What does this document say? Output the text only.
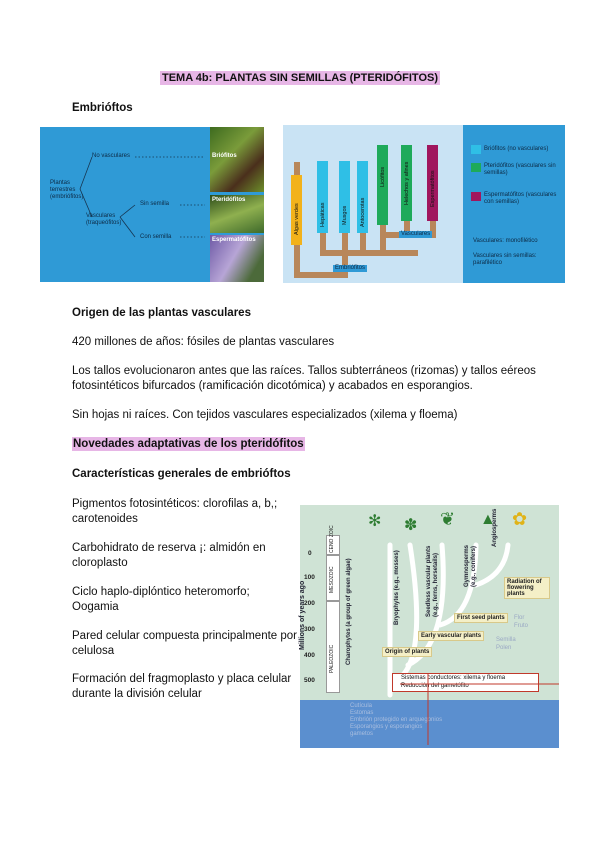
TEMA 4b: PLANTAS SIN SEMILLAS (PTERIDÓFITOS)
Embrióftos
Plantas terrestres (embriófitos)
No vasculares
Vasculares (traqueófitos)
Sin semilla
Con semilla
Briófitos
Pteridófitos
Espermatófitos
Algas verdes	Hepáticas	Musgos Antocerotas
Licófitos	Helechos y afines	Espermatófitos
Vasculares
Embriófitos
Briófitos (no vasculares)
Pteridófitos (vasculares sin semillas)
Espermatófitos (vasculares con semillas)
Vasculares: monofilético
Vasculares sin semillas: parafilético
Origen de las plantas vasculares
420 millones de años: fósiles de plantas vasculares
Los tallos evolucionaron antes que las raíces. Tallos subterráneos (rizomas) y tallos eéreos fotosintéticos bifurcados (ramificación dicotómica) y acabados en esporangios.
Sin hojas ni raíces. Con tejidos vasculares especializados (xilema y floema)
Novedades adaptativas de los pteridófitos
Características generales de embrióftos
Pigmentos fotosintéticos: clorofilas a, b,; carotenoides
Carbohidrato de reserva ¡: almidón en cloroplasto
Ciclo haplo-diplóntico heteromorfo; Oogamia
Pared celular compuesta principalmente por celulosa
Formación del fragmoplasto y placa celular durante la división celular
0
100
200
300
400
500
Millions of years ago
CENO ZOIC
MESOZOIC
PALEOZOIC Charophytes (a group of green algae)	Bryophytes (e.g., mosses)	Seedless vascular plants (e.g., ferns, horsetails)	Gymnosperms (e.g., conifers)
Angiosperms
✻ ✽ ❦ ▲ ✿
Radiation of flowering plants
First seed plants
Early vascular plants
Origin of plants
Flor
Fruto
Semilla
Polen
Sistemas conductores: xilema y floema
Reducción del gametófito
Cutícula
Estomas
Embrión protegido en arquegonios
Esporangios y esporangios
gametos
